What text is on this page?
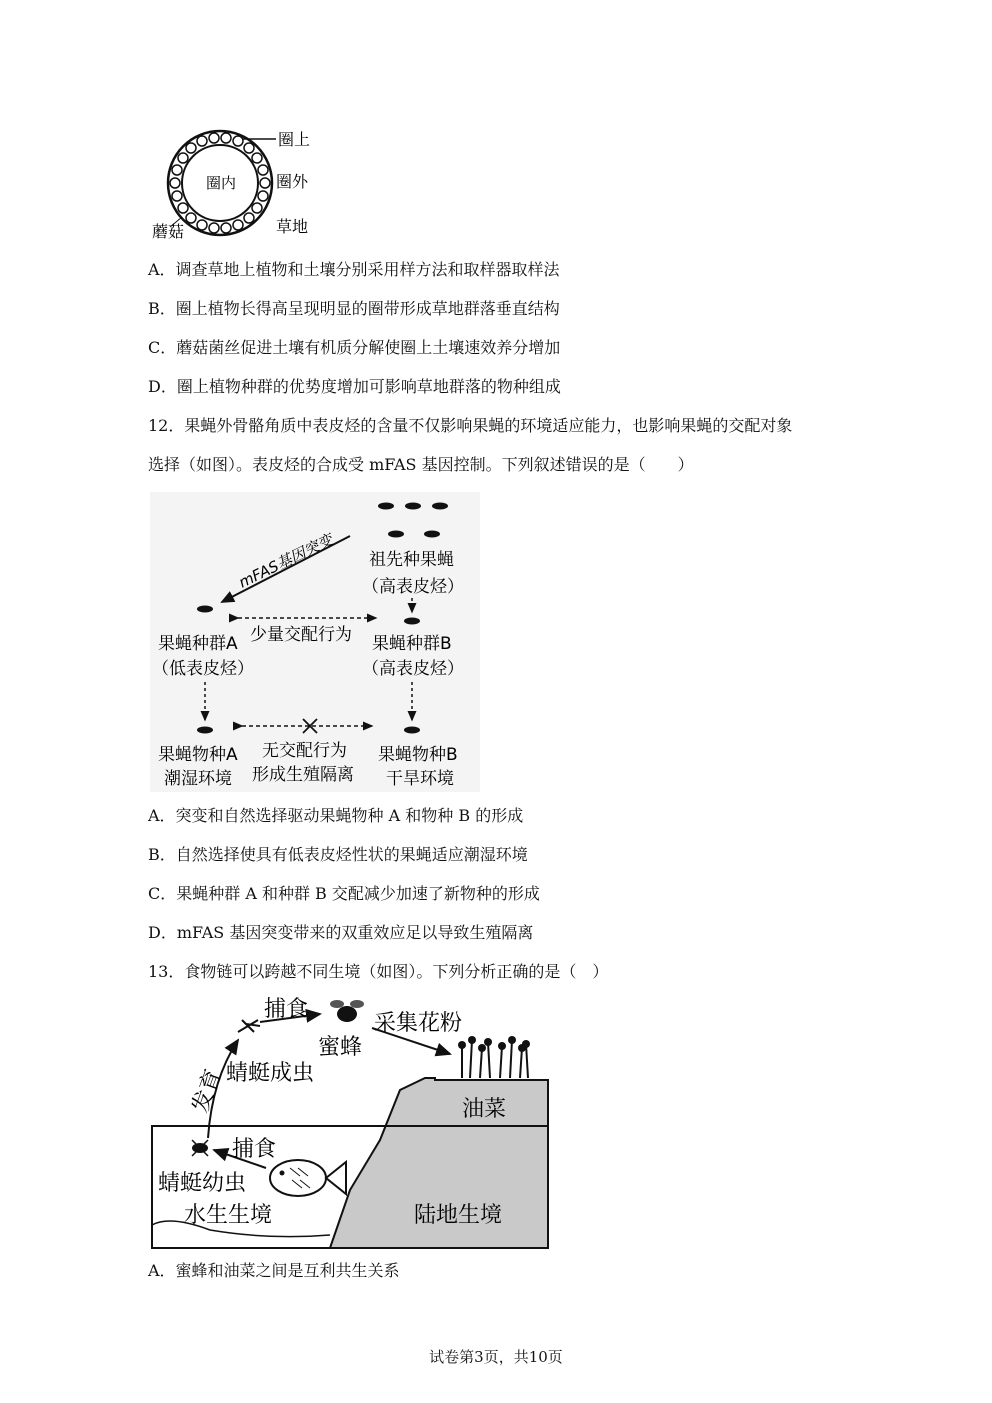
圈上
圈内 圈外
蘑菇	草地
A．调查草地上植物和土壤分别采用样方法和取样器取样法
B．圈上植物长得高呈现明显的圈带形成草地群落垂直结构
C．蘑菇菌丝促进土壤有机质分解使圈上土壤速效养分增加
D．圈上植物种群的优势度增加可影响草地群落的物种组成
12．果蝇外骨骼角质中表皮烃的含量不仅影响果蝇的环境适应能力，也影响果蝇的交配对象
选择（如图）。表皮烃的合成受 mFAS 基因控制。下列叙述错误的是（　　）
mFAS基因突变 祖先种果蝇
（高表皮烃）
少量交配行为
果蝇种群A
（低表皮烃）
果蝇种群B
（高表皮烃）
果蝇物种A
潮湿环境
无交配行为
形成生殖隔离
果蝇物种B
干旱环境
A．突变和自然选择驱动果蝇物种 A 和物种 B 的形成
B．自然选择使具有低表皮烃性状的果蝇适应潮湿环境
C．果蝇种群 A 和种群 B 交配减少加速了新物种的形成
D．mFAS 基因突变带来的双重效应足以导致生殖隔离
13．食物链可以跨越不同生境（如图）。下列分析正确的是（　）
捕食
蜜蜂
采集花粉
蜻蜓成虫
发育	油菜
捕食
蜻蜓幼虫
水生生境	陆地生境
A．蜜蜂和油菜之间是互利共生关系
试卷第3页，共10页
